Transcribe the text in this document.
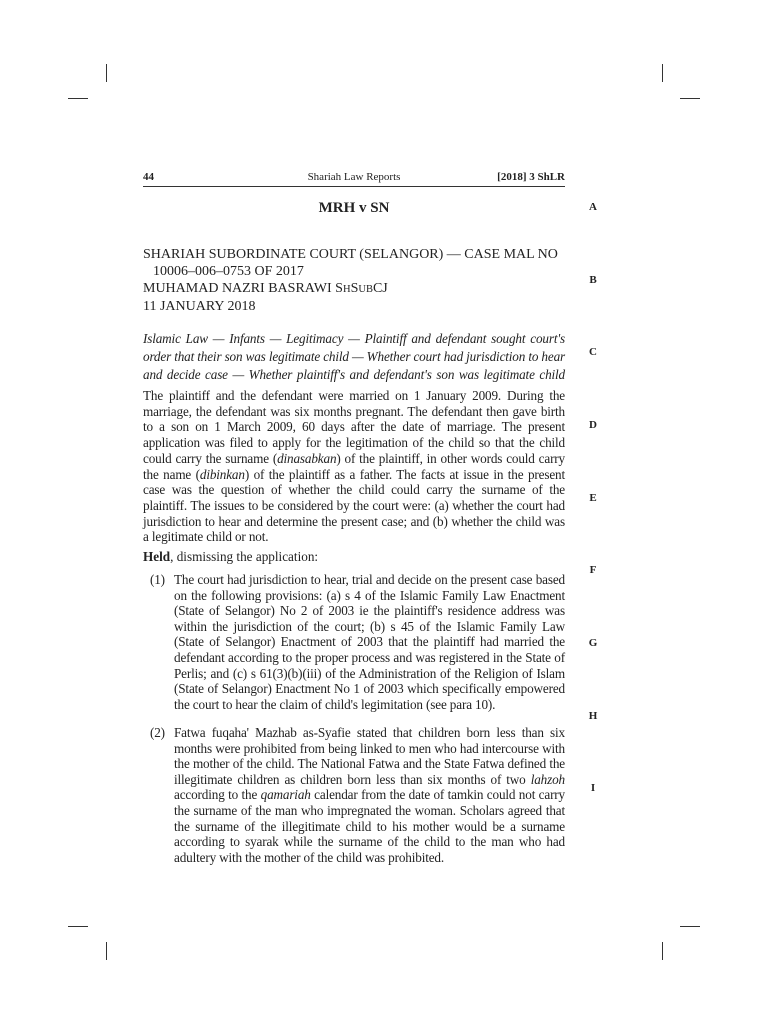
44	Shariah Law Reports	[2018] 3 ShLR
MRH v SN
SHARIAH SUBORDINATE COURT (SELANGOR) — CASE MAL NO
10006–006–0753 OF 2017
MUHAMAD NAZRI BASRAWI SHSUBCJ
11 JANUARY 2018
Islamic Law — Infants — Legitimacy — Plaintiff and defendant sought court's
order that their son was legitimate child — Whether court had jurisdiction to hear
and decide case — Whether plaintiff's and defendant's son was legitimate child
The plaintiff and the defendant were married on 1 January 2009. During the marriage, the defendant was six months pregnant. The defendant then gave birth to a son on 1 March 2009, 60 days after the date of marriage. The present application was filed to apply for the legitimation of the child so that the child could carry the surname (dinasabkan) of the plaintiff, in other words could carry the name (dibinkan) of the plaintiff as a father. The facts at issue in the present case was the question of whether the child could carry the surname of the plaintiff. The issues to be considered by the court were: (a) whether the court had jurisdiction to hear and determine the present case; and (b) whether the child was a legitimate child or not.
Held, dismissing the application:
(1) The court had jurisdiction to hear, trial and decide on the present case based on the following provisions: (a) s 4 of the Islamic Family Law Enactment (State of Selangor) No 2 of 2003 ie the plaintiff's residence address was within the jurisdiction of the court; (b) s 45 of the Islamic Family Law (State of Selangor) Enactment of 2003 that the plaintiff had married the defendant according to the proper process and was registered in the State of Perlis; and (c) s 61(3)(b)(iii) of the Administration of the Religion of Islam (State of Selangor) Enactment No 1 of 2003 which specifically empowered the court to hear the claim of child's legimitation (see para 10).
(2) Fatwa fuqaha' Mazhab as-Syafie stated that children born less than six months were prohibited from being linked to men who had intercourse with the mother of the child. The National Fatwa and the State Fatwa defined the illegitimate children as children born less than six months of two lahzoh according to the qamariah calendar from the date of tamkin could not carry the surname of the man who impregnated the woman. Scholars agreed that the surname of the illegitimate child to his mother would be a surname according to syarak while the surname of the child to the man who had adultery with the mother of the child was prohibited.
A
B
C
D
E
F
G
H
I
